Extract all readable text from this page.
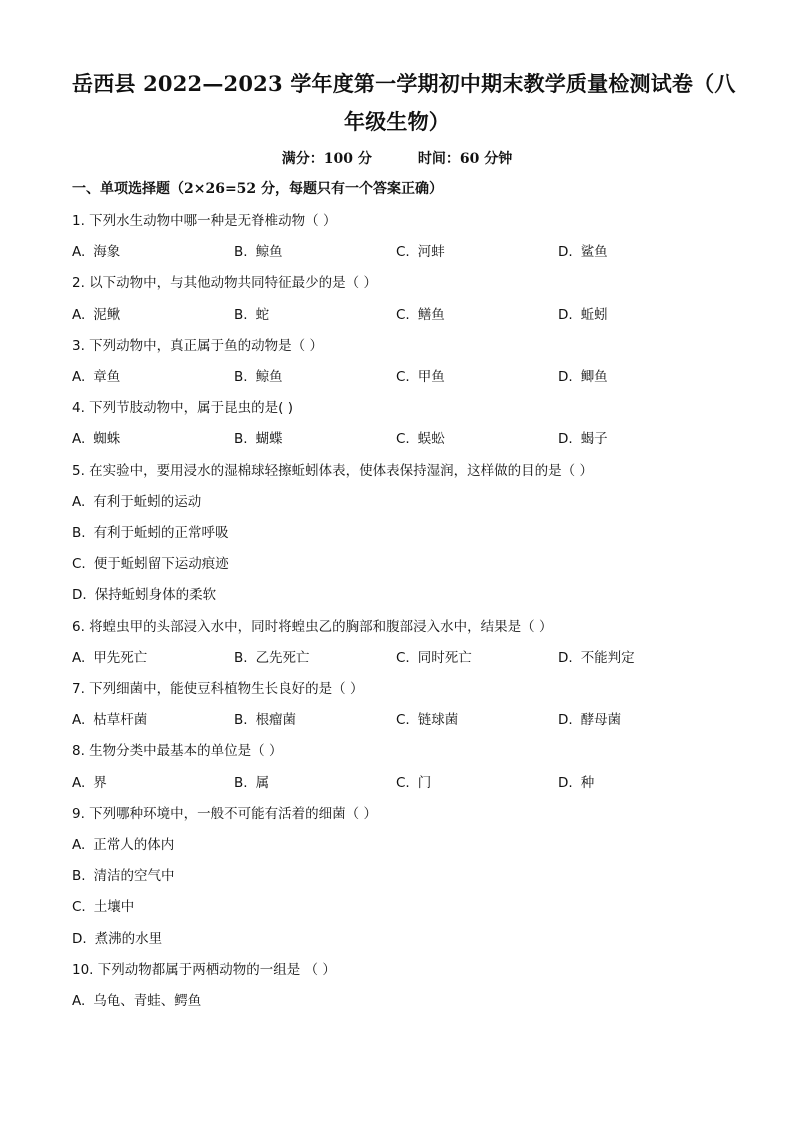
岳西县 2022—2023 学年度第一学期初中期末教学质量检测试卷（八
年级生物）
满分：100 分	时间：60 分钟
一、单项选择题（2×26=52 分，每题只有一个答案正确）
1. 下列水生动物中哪一种是无脊椎动物（ ）
A. 海象	B. 鲸鱼	C. 河蚌	D. 鲨鱼
2. 以下动物中，与其他动物共同特征最少的是（ ）
A. 泥鳅	B. 蛇	C. 鳝鱼	D. 蚯蚓
3. 下列动物中，真正属于鱼的动物是（ ）
A. 章鱼	B. 鲸鱼	C. 甲鱼	D. 鲫鱼
4. 下列节肢动物中，属于昆虫的是( )
A. 蜘蛛	B. 蝴蝶	C. 蜈蚣	D. 蝎子
5. 在实验中，要用浸水的湿棉球轻擦蚯蚓体表，使体表保持湿润，这样做的目的是（ ）
A. 有利于蚯蚓的运动
B. 有利于蚯蚓的正常呼吸
C. 便于蚯蚓留下运动痕迹
D. 保持蚯蚓身体的柔软
6. 将蝗虫甲的头部浸入水中，同时将蝗虫乙的胸部和腹部浸入水中，结果是（ ）
A. 甲先死亡	B. 乙先死亡	C. 同时死亡	D. 不能判定
7. 下列细菌中，能使豆科植物生长良好的是（ ）
A. 枯草杆菌	B. 根瘤菌	C. 链球菌	D. 酵母菌
8. 生物分类中最基本的单位是（ ）
A. 界	B. 属	C. 门	D. 种
9. 下列哪种环境中，一般不可能有活着的细菌（ ）
A. 正常人的体内
B. 清洁的空气中
C. 土壤中
D. 煮沸的水里
10. 下列动物都属于两栖动物的一组是 （ ）
A. 乌龟、青蛙、鳄鱼
